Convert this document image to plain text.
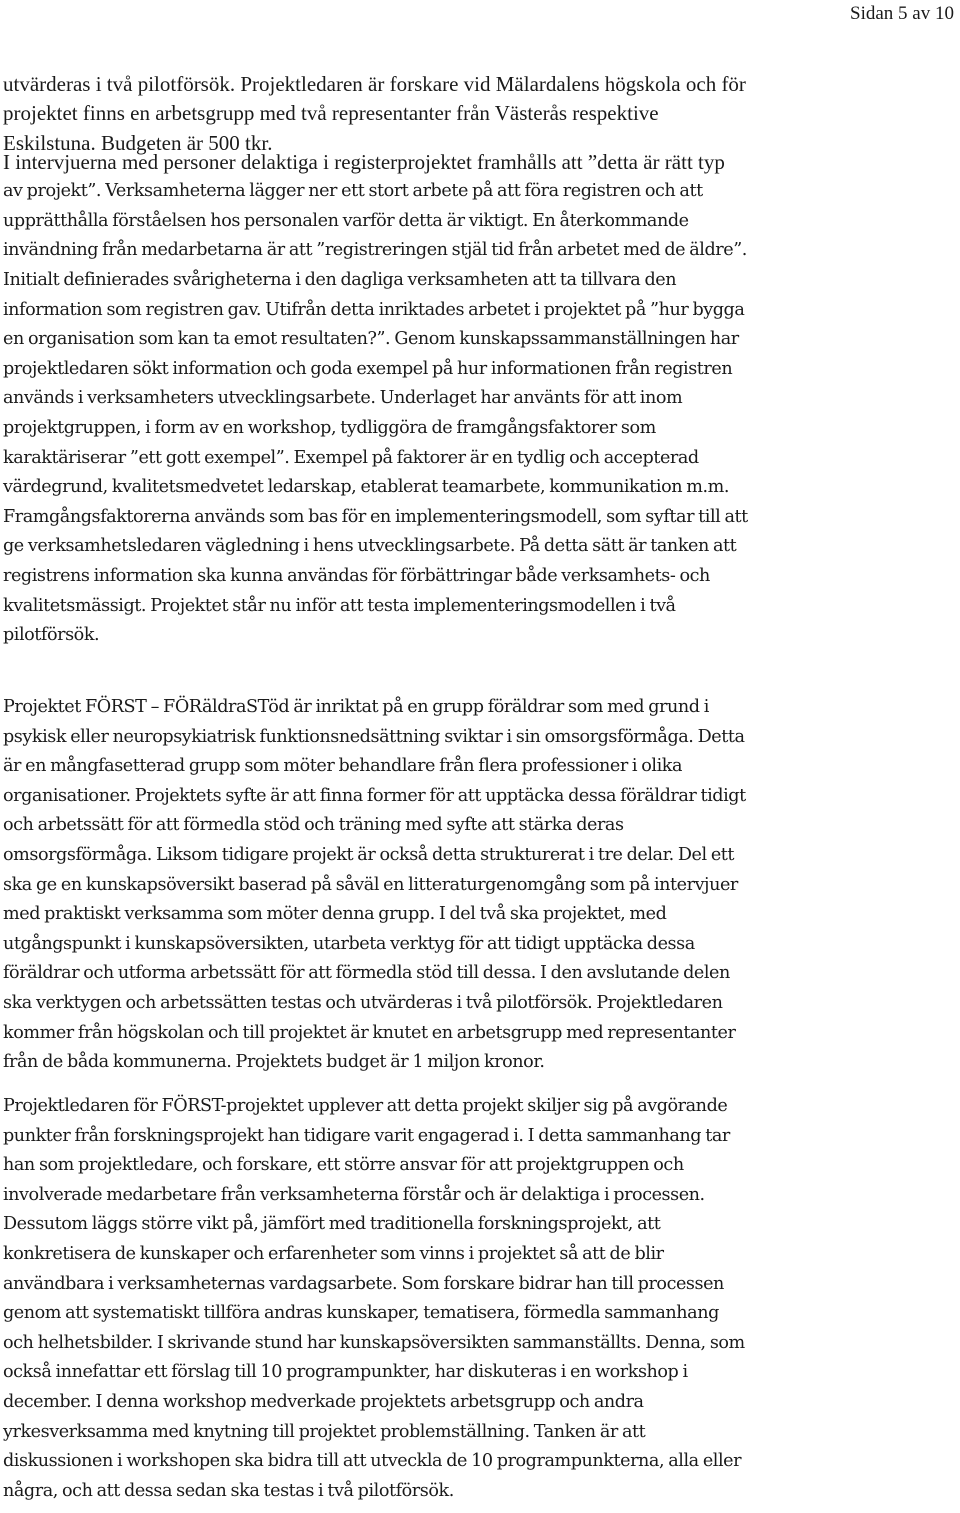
Sidan 5 av 10

utvärderas i två pilotförsök. Projektledaren är forskare vid Mälardalens högskola och för
projektet finns en arbetsgrupp med två representanter från Västerås respektive
Eskilstuna. Budgeten är 500 tkr.

I intervjuerna med personer delaktiga i registerprojektet framhålls att ”detta är rätt typ
av projekt”. Verksamheterna lägger ner ett stort arbete på att föra registren och att
upprätthålla förståelsen hos personalen varför detta är viktigt. En återkommande
invändning från medarbetarna är att ”registreringen stjäl tid från arbetet med de äldre”.
Initialt definierades svårigheterna i den dagliga verksamheten att ta tillvara den
information som registren gav. Utifrån detta inriktades arbetet i projektet på ”hur bygga
en organisation som kan ta emot resultaten?”. Genom kunskapssammanställningen har
projektledaren sökt information och goda exempel på hur informationen från registren
används i verksamheters utvecklingsarbete. Underlaget har använts för att inom
projektgruppen, i form av en workshop, tydliggöra de framgångsfaktorer som
karaktäriserar ”ett gott exempel”. Exempel på faktorer är en tydlig och accepterad
värdegrund, kvalitetsmedvetet ledarskap, etablerat teamarbete, kommunikation m.m.
Framgångsfaktorerna används som bas för en implementeringsmodell, som syftar till att
ge verksamhetsledaren vägledning i hens utvecklingsarbete. På detta sätt är tanken att
registrens information ska kunna användas för förbättringar både verksamhets- och
kvalitetsmässigt. Projektet står nu inför att testa implementeringsmodellen i två
pilotförsök.

Projektet FÖRST – FÖRäldraSTöd är inriktat på en grupp föräldrar som med grund i
psykisk eller neuropsykiatrisk funktionsnedsättning sviktar i sin omsorgsförmåga. Detta
är en mångfasetterad grupp som möter behandlare från flera professioner i olika
organisationer. Projektets syfte är att finna former för att upptäcka dessa föräldrar tidigt
och arbetssätt för att förmedla stöd och träning med syfte att stärka deras
omsorgsförmåga. Liksom tidigare projekt är också detta strukturerat i tre delar. Del ett
ska ge en kunskapsöversikt baserad på såväl en litteraturgenomgång som på intervjuer
med praktiskt verksamma som möter denna grupp. I del två ska projektet, med
utgångspunkt i kunskapsöversikten, utarbeta verktyg för att tidigt upptäcka dessa
föräldrar och utforma arbetssätt för att förmedla stöd till dessa. I den avslutande delen
ska verktygen och arbetssätten testas och utvärderas i två pilotförsök. Projektledaren
kommer från högskolan och till projektet är knutet en arbetsgrupp med representanter
från de båda kommunerna. Projektets budget är 1 miljon kronor.

Projektledaren för FÖRST-projektet upplever att detta projekt skiljer sig på avgörande
punkter från forskningsprojekt han tidigare varit engagerad i. I detta sammanhang tar
han som projektledare, och forskare, ett större ansvar för att projektgruppen och
involverade medarbetare från verksamheterna förstår och är delaktiga i processen.
Dessutom läggs större vikt på, jämfört med traditionella forskningsprojekt, att
konkretisera de kunskaper och erfarenheter som vinns i projektet så att de blir
användbara i verksamheternas vardagsarbete. Som forskare bidrar han till processen
genom att systematiskt tillföra andras kunskaper, tematisera, förmedla sammanhang
och helhetsbilder. I skrivande stund har kunskapsöversikten sammanställts. Denna, som
också innefattar ett förslag till 10 programpunkter, har diskuteras i en workshop i
december. I denna workshop medverkade projektets arbetsgrupp och andra
yrkesverksamma med knytning till projektet problemställning. Tanken är att
diskussionen i workshopen ska bidra till att utveckla de 10 programpunkterna, alla eller
några, och att dessa sedan ska testas i två pilotförsök.
